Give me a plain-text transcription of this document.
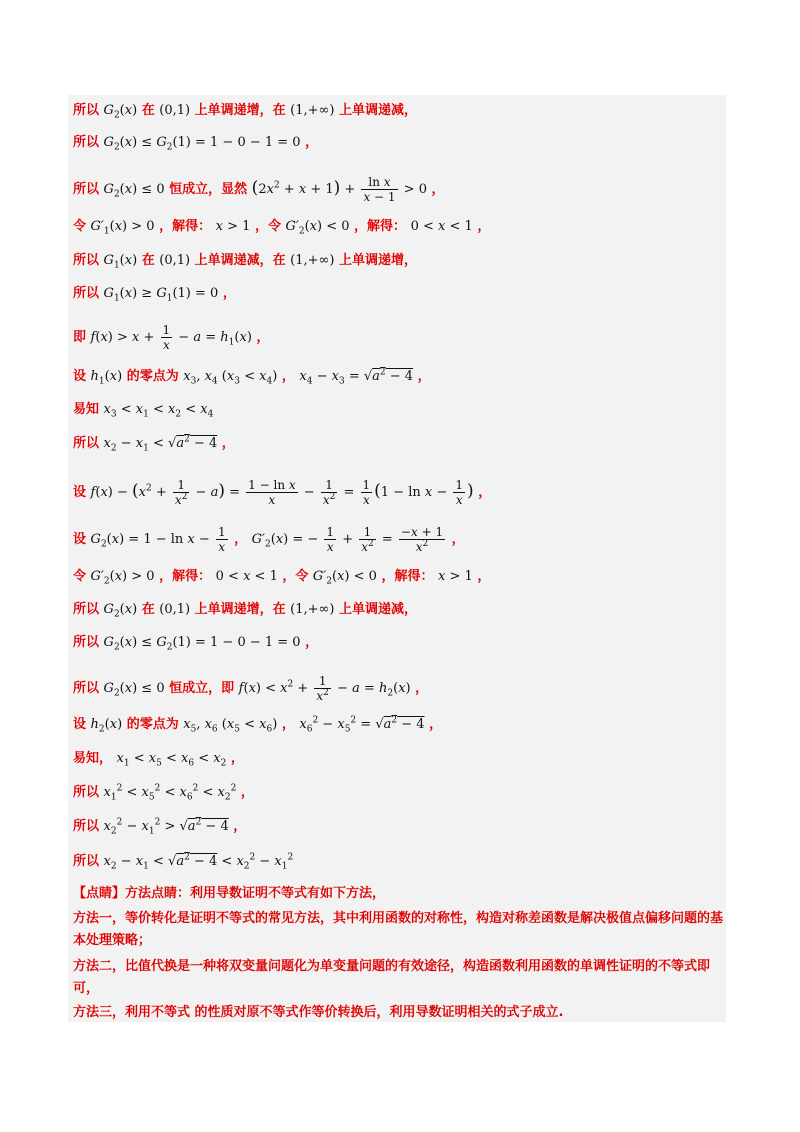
所以 $G_2(x)$ 在 (0,1) 上单调递增，在 (1,+∞) 上单调递减，
所以 $G_2(x) \le G_2(1) = 1 - 0 - 1 = 0$ ，
所以 $G_2(x) \le 0$ 恒成立，显然 $(2x^2 + x + 1) + \frac{\text{ln x}}{x - 1} > 0$ ，
令 $G'_1(x) > 0$ ，解得： x > 1 ，令 $G'_2(x) < 0$ ，解得： 0 < x < 1 ，
所以 $G_1(x)$ 在 (0,1) 上单调递减，在 (1,+∞) 上单调递增，
所以 $G_1(x) \ge G_1(1) = 0$ ，
即 $f(x) > x + \frac{1}{x} - a = h_1(x)$ ，
设 $h_1(x)$ 的零点为 $x_3$, $x_4$ $(x_3 < x_4)$ ， $x_4 - x_3 = √a^2 - 4$ ，
易知 $x_3 < x_1 < x_2 < x_4$
所以 $x_2 - x_1 < √a^2 - 4$ ，
设 $f(x) - (x^2 + \frac{1}{x^2} - a) = \frac{\text{1 − ln x}}{x} - \frac{1}{x^2} = \frac{1}{x} (1 - \ln x - \frac{1}{x}$ ) ，
设 $G_2(x) = 1 - \ln x - \frac{1}{x}$ ， $G'_2(x)$ = − $\frac{1}{x} + \frac{1}{x^2} = \frac{-x + 1}{x^2}$ ，
令 $G'_2(x) > 0$ ，解得： 0 < x < 1 ，令 $G'_2(x) < 0$ ，解得： x > 1 ，
所以 $G_2(x)$ 在 (0,1) 上单调递增，在 (1,+∞) 上单调递减，
所以 $G_2(x) \le G_2(1) = 1 - 0 - 1 = 0$ ，
所以 $G_2(x) \le 0$ 恒成立，即 $f(x) < x^2 + \frac{1}{x^2} - a = h_2(x)$ ，
设 $h_2(x)$ 的零点为 $x_5$, $x_6$ $(x_5 < x_6)$ ， $x_6^2 - x_5^2 = √a^2 - 4$ ，
易知， $x_1 < x_5 < x_6 < x_2$ ，
所以 $x_1^2 < x_5^2 < x_6^2 < x_2^2$ ，
所以 $x_2^2 - x_1^2 > √a^2 - 4$ ，
所以 $x_2 - x_1 < √a^2 - 4 < x_2^2 - x_1^2$
【点睛】方法点睛：利用导数证明不等式有如下方法，
方法一，等价转化是证明不等式的常见方法，其中利用函数的对称性，构造对称差函数是解决极值点偏移问题的基本处理策略；
方法二，比值代换是一种将双变量问题化为单变量问题的有效途径，构造函数利用函数的单调性证明的不等式即可，
方法三，利用不等式 的性质对原不等式作等价转换后，利用导数证明相关的式子成立.
